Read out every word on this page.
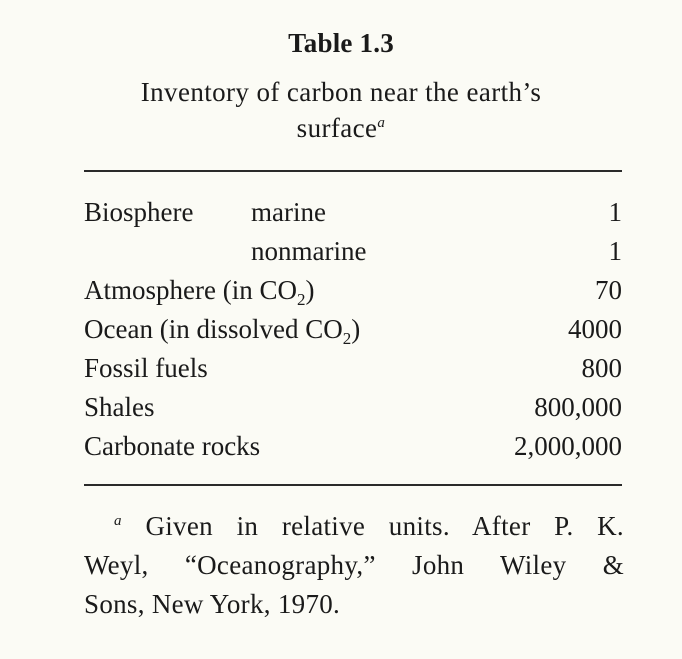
Table 1.3
Inventory of carbon near the earth’s
surface$^a$
Biosphere marine	1
nonmarine	1
Atmosphere (in $CO_2$)	70
Ocean (in dissolved $CO_2$)	4000
Fossil fuels	800
Shales	800,000
Carbonate rocks	2,000,000
$^a$ Given in relative units. After P. K.
Weyl, “Oceanography,” John Wiley &
Sons, New York, 1970.
